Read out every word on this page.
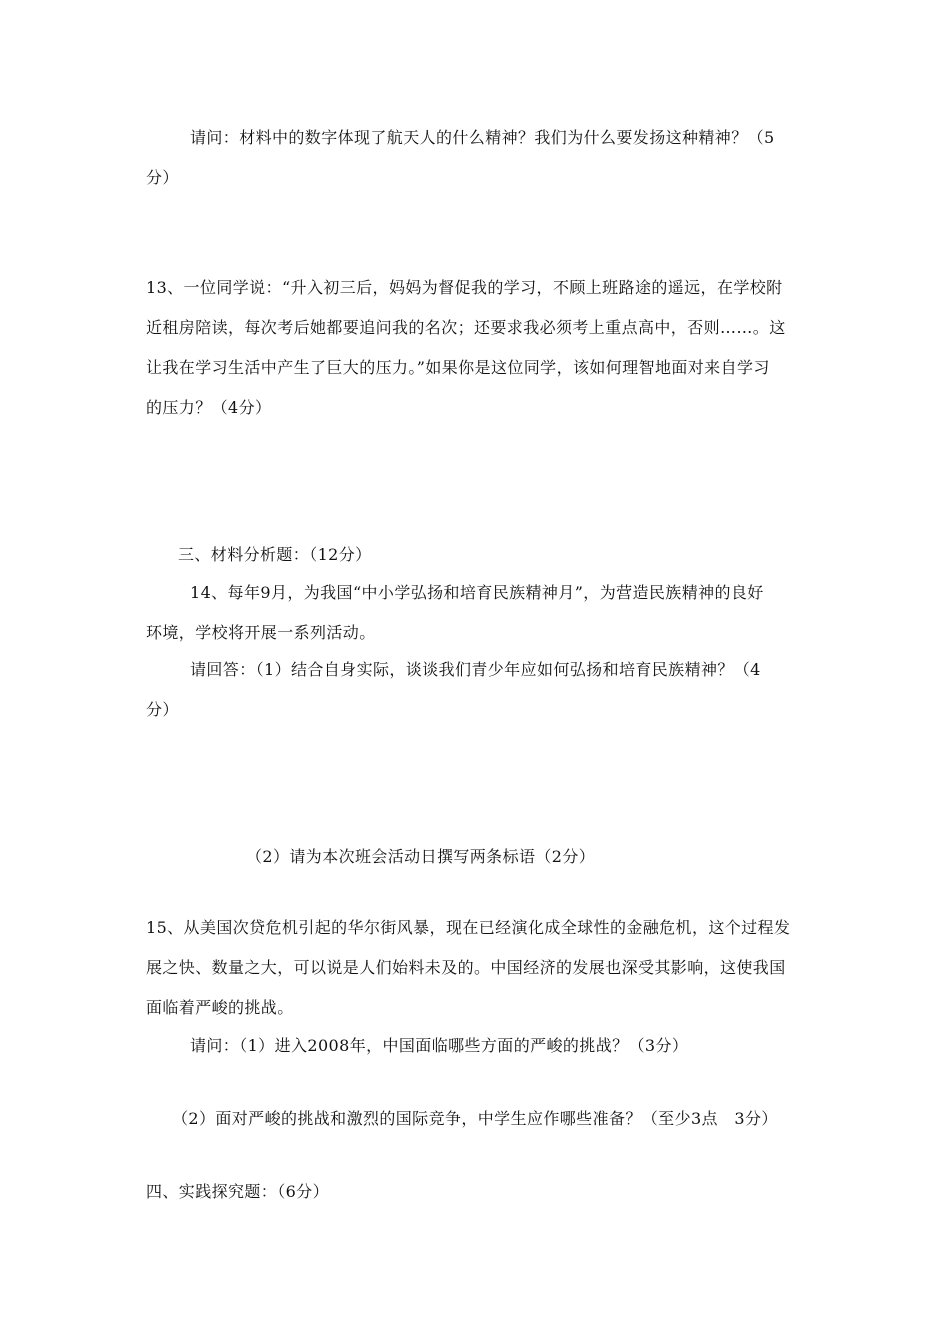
请问：材料中的数字体现了航天人的什么精神？我们为什么要发扬这种精神？（5
分）
13、一位同学说：“升入初三后，妈妈为督促我的学习，不顾上班路途的遥远，在学校附
近租房陪读，每次考后她都要追问我的名次；还要求我必须考上重点高中，否则……。这
让我在学习生活中产生了巨大的压力。”如果你是这位同学，该如何理智地面对来自学习
的压力？（4分）
三、材料分析题：（12分）
14、每年9月，为我国“中小学弘扬和培育民族精神月”，为营造民族精神的良好
环境，学校将开展一系列活动。
请回答：（1）结合自身实际，谈谈我们青少年应如何弘扬和培育民族精神？（4
分）
（2）请为本次班会活动日撰写两条标语（2分）
15、从美国次贷危机引起的华尔街风暴，现在已经演化成全球性的金融危机，这个过程发
展之快、数量之大，可以说是人们始料未及的。中国经济的发展也深受其影响，这使我国
面临着严峻的挑战。
请问：（1）进入2008年，中国面临哪些方面的严峻的挑战？（3分）
（2）面对严峻的挑战和激烈的国际竞争，中学生应作哪些准备？（至少3点　3分）
四、实践探究题：（6分）
